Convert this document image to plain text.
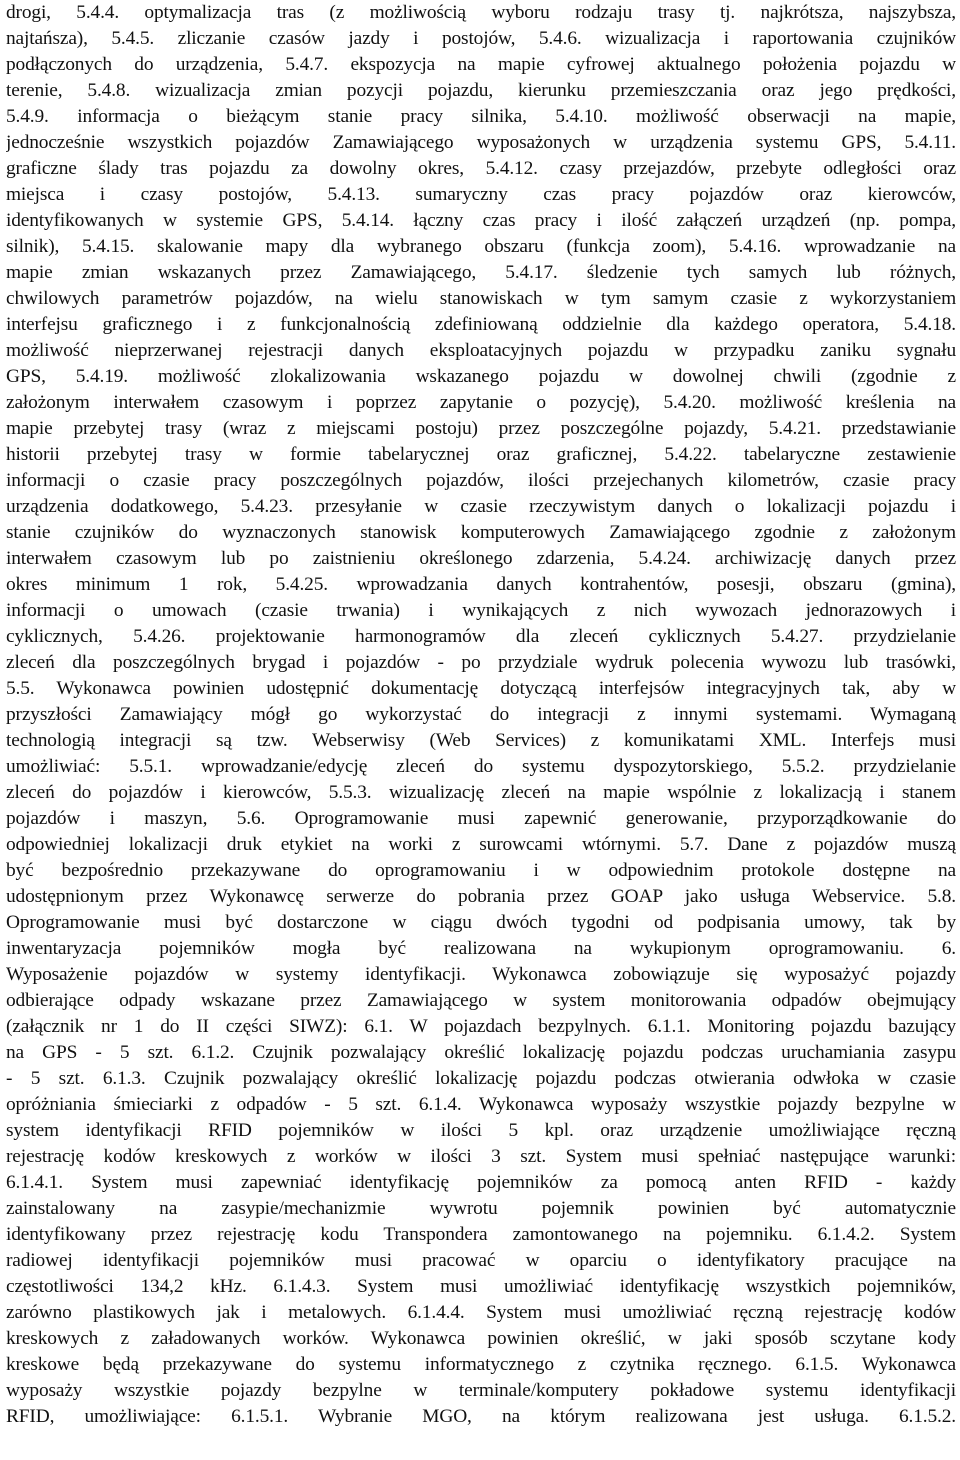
drogi, 5.4.4. optymalizacja tras (z możliwością wyboru rodzaju trasy tj. najkrótsza, najszybsza,
najtańsza), 5.4.5. zliczanie czasów jazdy i postojów, 5.4.6. wizualizacja i raportowania czujników
podłączonych do urządzenia, 5.4.7. ekspozycja na mapie cyfrowej aktualnego położenia pojazdu w
terenie, 5.4.8. wizualizacja zmian pozycji pojazdu, kierunku przemieszczania oraz jego prędkości,
5.4.9. informacja o bieżącym stanie pracy silnika, 5.4.10. możliwość obserwacji na mapie,
jednocześnie wszystkich pojazdów Zamawiającego wyposażonych w urządzenia systemu GPS, 5.4.11.
graficzne ślady tras pojazdu za dowolny okres, 5.4.12. czasy przejazdów, przebyte odległości oraz
miejsca i czasy postojów, 5.4.13. sumaryczny czas pracy pojazdów oraz kierowców,
identyfikowanych w systemie GPS, 5.4.14. łączny czas pracy i ilość załączeń urządzeń (np. pompa,
silnik), 5.4.15. skalowanie mapy dla wybranego obszaru (funkcja zoom), 5.4.16. wprowadzanie na
mapie zmian wskazanych przez Zamawiającego, 5.4.17. śledzenie tych samych lub różnych,
chwilowych parametrów pojazdów, na wielu stanowiskach w tym samym czasie z wykorzystaniem
interfejsu graficznego i z funkcjonalnością zdefiniowaną oddzielnie dla każdego operatora, 5.4.18.
możliwość nieprzerwanej rejestracji danych eksploatacyjnych pojazdu w przypadku zaniku sygnału
GPS, 5.4.19. możliwość zlokalizowania wskazanego pojazdu w dowolnej chwili (zgodnie z
założonym interwałem czasowym i poprzez zapytanie o pozycję), 5.4.20. możliwość kreślenia na
mapie przebytej trasy (wraz z miejscami postoju) przez poszczególne pojazdy, 5.4.21. przedstawianie
historii przebytej trasy w formie tabelarycznej oraz graficznej, 5.4.22. tabelaryczne zestawienie
informacji o czasie pracy poszczególnych pojazdów, ilości przejechanych kilometrów, czasie pracy
urządzenia dodatkowego, 5.4.23. przesyłanie w czasie rzeczywistym danych o lokalizacji pojazdu i
stanie czujników do wyznaczonych stanowisk komputerowych Zamawiającego zgodnie z założonym
interwałem czasowym lub po zaistnieniu określonego zdarzenia, 5.4.24. archiwizację danych przez
okres minimum 1 rok, 5.4.25. wprowadzania danych kontrahentów, posesji, obszaru (gmina),
informacji o umowach (czasie trwania) i wynikających z nich wywozach jednorazowych i
cyklicznych, 5.4.26. projektowanie harmonogramów dla zleceń cyklicznych 5.4.27. przydzielanie
zleceń dla poszczególnych brygad i pojazdów - po przydziale wydruk polecenia wywozu lub trasówki,
5.5. Wykonawca powinien udostępnić dokumentację dotyczącą interfejsów integracyjnych tak, aby w
przyszłości Zamawiający mógł go wykorzystać do integracji z innymi systemami. Wymaganą
technologią integracji są tzw. Webserwisy (Web Services) z komunikatami XML. Interfejs musi
umożliwiać: 5.5.1. wprowadzanie/edycję zleceń do systemu dyspozytorskiego, 5.5.2. przydzielanie
zleceń do pojazdów i kierowców, 5.5.3. wizualizację zleceń na mapie wspólnie z lokalizacją i stanem
pojazdów i maszyn, 5.6. Oprogramowanie musi zapewnić generowanie, przyporządkowanie do
odpowiedniej lokalizacji druk etykiet na worki z surowcami wtórnymi. 5.7. Dane z pojazdów muszą
być bezpośrednio przekazywane do oprogramowaniu i w odpowiednim protokole dostępne na
udostępnionym przez Wykonawcę serwerze do pobrania przez GOAP jako usługa Webservice. 5.8.
Oprogramowanie musi być dostarczone w ciągu dwóch tygodni od podpisania umowy, tak by
inwentaryzacja pojemników mogła być realizowana na wykupionym oprogramowaniu. 6.
Wyposażenie pojazdów w systemy identyfikacji. Wykonawca zobowiązuje się wyposażyć pojazdy
odbierające odpady wskazane przez Zamawiającego w system monitorowania odpadów obejmujący
(załącznik nr 1 do II części SIWZ): 6.1. W pojazdach bezpylnych. 6.1.1. Monitoring pojazdu bazujący
na GPS - 5 szt. 6.1.2. Czujnik pozwalający określić lokalizację pojazdu podczas uruchamiania zasypu
- 5 szt. 6.1.3. Czujnik pozwalający określić lokalizację pojazdu podczas otwierania odwłoka w czasie
opróżniania śmieciarki z odpadów - 5 szt. 6.1.4. Wykonawca wyposaży wszystkie pojazdy bezpylne w
system identyfikacji RFID pojemników w ilości 5 kpl. oraz urządzenie umożliwiające ręczną
rejestrację kodów kreskowych z worków w ilości 3 szt. System musi spełniać następujące warunki:
6.1.4.1. System musi zapewniać identyfikację pojemników za pomocą anten RFID - każdy
zainstalowany na zasypie/mechanizmie wywrotu pojemnik powinien być automatycznie
identyfikowany przez rejestrację kodu Transpondera zamontowanego na pojemniku. 6.1.4.2. System
radiowej identyfikacji pojemników musi pracować w oparciu o identyfikatory pracujące na
częstotliwości 134,2 kHz. 6.1.4.3. System musi umożliwiać identyfikację wszystkich pojemników,
zarówno plastikowych jak i metalowych. 6.1.4.4. System musi umożliwiać ręczną rejestrację kodów
kreskowych z załadowanych worków. Wykonawca powinien określić, w jaki sposób sczytane kody
kreskowe będą przekazywane do systemu informatycznego z czytnika ręcznego. 6.1.5. Wykonawca
wyposaży wszystkie pojazdy bezpylne w terminale/komputery pokładowe systemu identyfikacji
RFID, umożliwiające: 6.1.5.1. Wybranie MGO, na którym realizowana jest usługa. 6.1.5.2.
